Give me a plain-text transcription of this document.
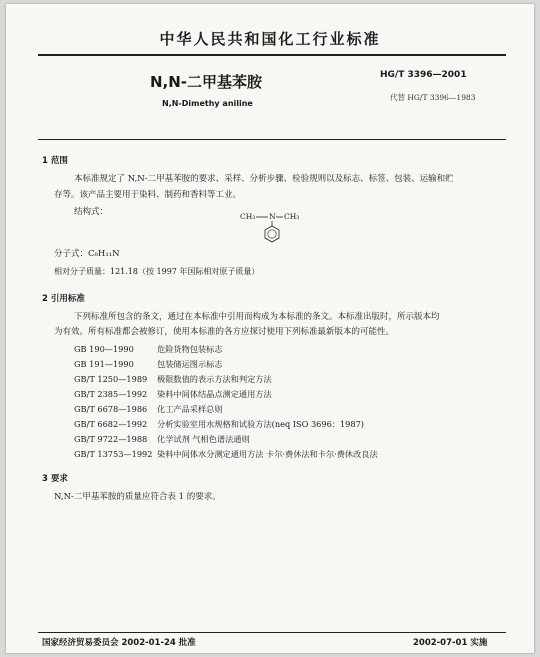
中华人民共和国化工行业标准
N,N-二甲基苯胺
N,N-Dimethy aniline
HG/T 3396—2001
代替 HG/T 3396—1983
1 范围
本标准规定了 N,N-二甲基苯胺的要求、采样、分析步骤、检验规则以及标志、标签、包装、运输和贮
存等。该产品主要用于染料、制药和香料等工业。
结构式：	CH₃ N CH₃
分子式：C₈H₁₁N
相对分子质量：121.18（按 1997 年国际相对原子质量）
2 引用标准
下列标准所包含的条文，通过在本标准中引用而构成为本标准的条文。本标准出版时，所示版本均
为有效。所有标准都会被修订，使用本标准的各方应探讨使用下列标准最新版本的可能性。
GB 190—1990	危险货物包装标志
GB 191—1990	包装储运图示标志
GB/T 1250—1989 极限数值的表示方法和判定方法
GB/T 2385—1992 染料中间体结晶点测定通用方法
GB/T 6678—1986 化工产品采样总则
GB/T 6682—1992 分析实验室用水规格和试验方法(neq ISO 3696：1987)
GB/T 9722—1988 化学试剂 气相色谱法通则
GB/T 13753—1992 染料中间体水分测定通用方法 卡尔·费休法和卡尔·费休改良法
3 要求
N,N-二甲基苯胺的质量应符合表 1 的要求。
国家经济贸易委员会 2002-01-24 批准	2002-07-01 实施
